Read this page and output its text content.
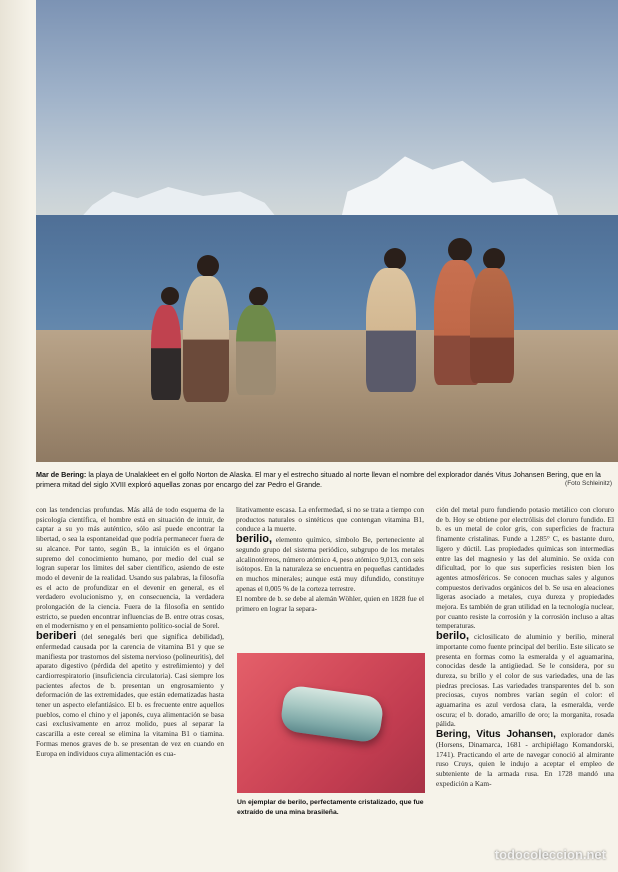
Mar de Bering: la playa de Unalakleet en el golfo Norton de Alaska. El mar y el estrecho situado al norte llevan el nombre del explorador danés Vitus Johansen Bering, que en la primera mitad del siglo XVIII exploró aquellas zonas por encargo del zar Pedro el Grande.	(Foto Schleinitz)

con las tendencias profundas. Más allá de todo esquema de la psicología científica, el hombre está en situación de intuir, de captar a su yo más auténtico, sólo así puede encontrar la libertad, o sea la espontaneidad que podría permanecer fuera de su alcance. Por tanto, según B., la intuición es el órgano supremo del conocimiento humano, por medio del cual se logran superar los límites del saber científico, asiendo de este modo el devenir de la realidad. Usando sus palabras, la filosofía es el acto de profundizar en el devenir en general, es el verdadero evolucionismo y, en consecuencia, la verdadera prolongación de la ciencia. Fuera de la filosofía en sentido estricto, se pueden encontrar influencias de B. entre otras cosas, en el modernismo y en el pensamiento político-social de Sorel.

beriberi (del senegalés beri que significa debilidad), enfermedad causada por la carencia de vitamina B1 y que se manifiesta por trastornos del sistema nervioso (polineuritis), del aparato digestivo (pérdida del apetito y estreñimiento) y del cardiorrespiratorio (insuficiencia circulatoria). Casi siempre los pacientes afectos de b. presentan un engrosamiento y deformación de las extremidades, que están edematizadas hasta tener un aspecto elefantiásico. El b. es frecuente entre aquellos pueblos, como el chino y el japonés, cuya alimentación se basa casi exclusivamente en arroz molido, pues al separar la cascarilla a este cereal se elimina la vitamina B1 o tiamina. Formas menos graves de b. se presentan de vez en cuando en Europa en individuos cuya alimentación es cua-

litativamente escasa. La enfermedad, si no se trata a tiempo con productos naturales o sintéticos que contengan vitamina B1, conduce a la muerte.

berilio, elemento químico, símbolo Be, perteneciente al segundo grupo del sistema periódico, subgrupo de los metales alcalinotérreos, número atómico 4, peso atómico 9,013, con seis isótopos. En la naturaleza se encuentra en pequeñas cantidades en muchos minerales; aunque está muy difundido, constituye apenas el 0,005 % de la corteza terrestre.

El nombre de b. se debe al alemán Wöhler, quien en 1828 fue el primero en lograr la separa-

Un ejemplar de berilo, perfectamente cristalizado, que fue extraído de una mina brasileña.

ción del metal puro fundiendo potasio metálico con cloruro de b. Hoy se obtiene por electrólisis del cloruro fundido. El b. es un metal de color gris, con superficies de fractura finamente cristalinas. Funde a 1.285° C, es bastante duro, ligero y dúctil. Las propiedades químicas son intermedias entre las del magnesio y las del aluminio. Se oxida con dificultad, por lo que sus superficies resisten bien los agentes atmosféricos. Se conocen muchas sales y algunos compuestos derivados orgánicos del b. Se usa en aleaciones ligeras asociado a metales, cuya dureza y propiedades mejora. Es también de gran utilidad en la tecnología nuclear, por cuanto resiste la corrosión y la corrosión incluso a altas temperaturas.

berilo, ciclosilicato de aluminio y berilio, mineral importante como fuente principal del berilio. Este silicato se presenta en formas como la esmeralda y el aguamarina, conocidas desde la antigüedad. Se le considera, por su dureza, su brillo y el color de sus variedades, una de las piedras preciosas. Las variedades transparentes del b. son preciosas, cuyos nombres varían según el color: el aguamarina es azul verdosa clara, la esmeralda, verde oscura; el b. dorado, amarillo de oro; la morganita, rosada pálida.

Bering, Vitus Johansen, explorador danés (Horsens, Dinamarca, 1681 - archipiélago Komandorski, 1741). Practicando el arte de navegar conoció al almirante ruso Cruys, quien le indujo a aceptar el empleo de subteniente de la armada rusa. En 1728 mandó una expedición a Kam-

todocoleccion.net
